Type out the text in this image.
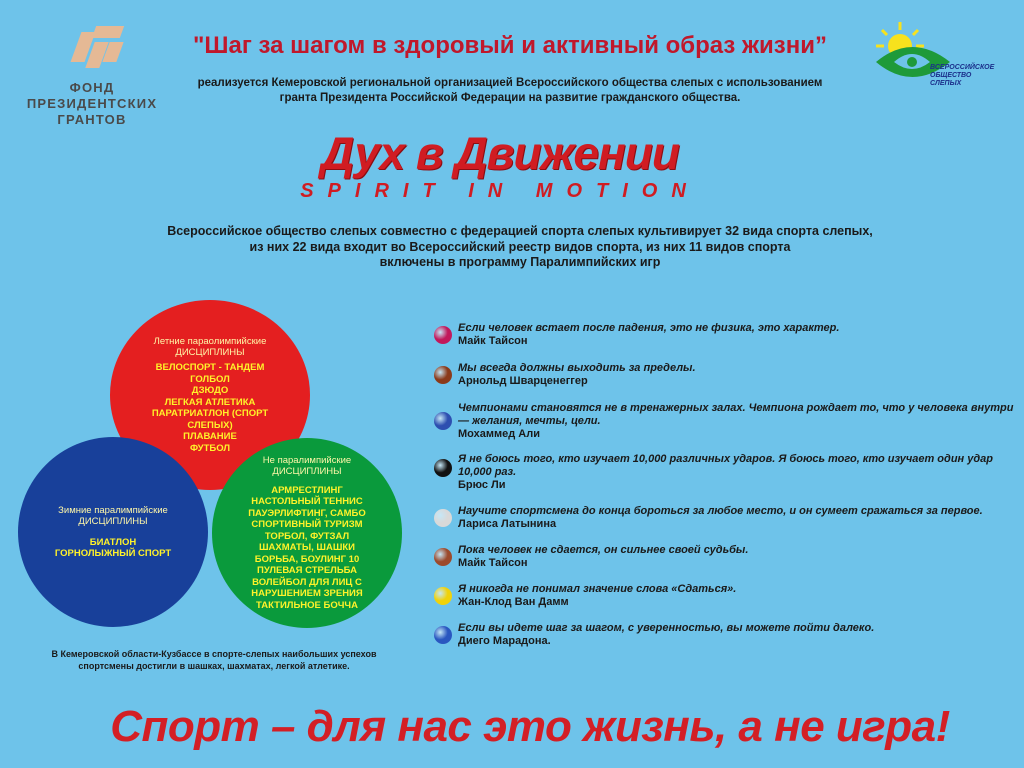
ФОНД
ПРЕЗИДЕНТСКИХ
ГРАНТОВ
ВСЕРОССИЙСКОЕ
ОБЩЕСТВО
СЛЕПЫХ
"Шаг за шагом в здоровый и активный образ жизни”
реализуется Кемеровской региональной организацией Всероссийского общества слепых с использованием
гранта Президента Российской Федерации на развитие гражданского общества.
Дух в Движении
SPIRIT IN MOTION
Всероссийское общество слепых совместно с федерацией спорта слепых культивирует 32 вида спорта слепых,
из них 22 вида входит во Всероссийский реестр видов спорта, из них 11 видов спорта
включены в программу Паралимпийских игр
Летние параолимпийские
ДИСЦИПЛИНЫ
ВЕЛОСПОРТ - ТАНДЕМ
ГОЛБОЛ
ДЗЮДО
ЛЕГКАЯ АТЛЕТИКА
ПАРАТРИАТЛОН (СПОРТ СЛЕПЫХ)
ПЛАВАНИЕ
ФУТБОЛ
Зимние паралимпийские
ДИСЦИПЛИНЫ
БИАТЛОН
ГОРНОЛЫЖНЫЙ СПОРТ
Не паралимпийские
ДИСЦИПЛИНЫ
АРМРЕСТЛИНГ
НАСТОЛЬНЫЙ ТЕННИС
ПАУЭРЛИФТИНГ, САМБО
СПОРТИВНЫЙ ТУРИЗМ
ТОРБОЛ, ФУТЗАЛ
ШАХМАТЫ, ШАШКИ
БОРЬБА, БОУЛИНГ 10
ПУЛЕВАЯ СТРЕЛЬБА
ВОЛЕЙБОЛ ДЛЯ ЛИЦ С
НАРУШЕНИЕМ ЗРЕНИЯ
ТАКТИЛЬНОЕ БОЧЧА
В Кемеровской области-Кузбассе в спорте-слепых наибольших успехов
спортсмены достигли в шашках, шахматах, легкой атлетике.
Если человек встает после падения, это не физика, это характер.
Майк Тайсон
Мы всегда должны выходить за пределы.
Арнольд Шварценеггер
Чемпионами становятся не в тренажерных залах. Чемпиона рождает то, что у человека внутри — желания, мечты, цели.
Мохаммед Али
Я не боюсь того, кто изучает 10,000 различных ударов. Я боюсь того, кто изучает один удар 10,000 раз.
Брюс Ли
Научите спортсмена до конца бороться за любое место, и он сумеет сражаться за первое.
Лариса Латынина
Пока человек не сдается, он сильнее своей судьбы.
Майк Тайсон
Я никогда не понимал значение слова «Сдаться».
Жан-Клод Ван Дамм
Если вы идете шаг за шагом, с уверенностью, вы можете пойти далеко.
Диего Марадона.
Спорт – для нас это жизнь, а не игра!
